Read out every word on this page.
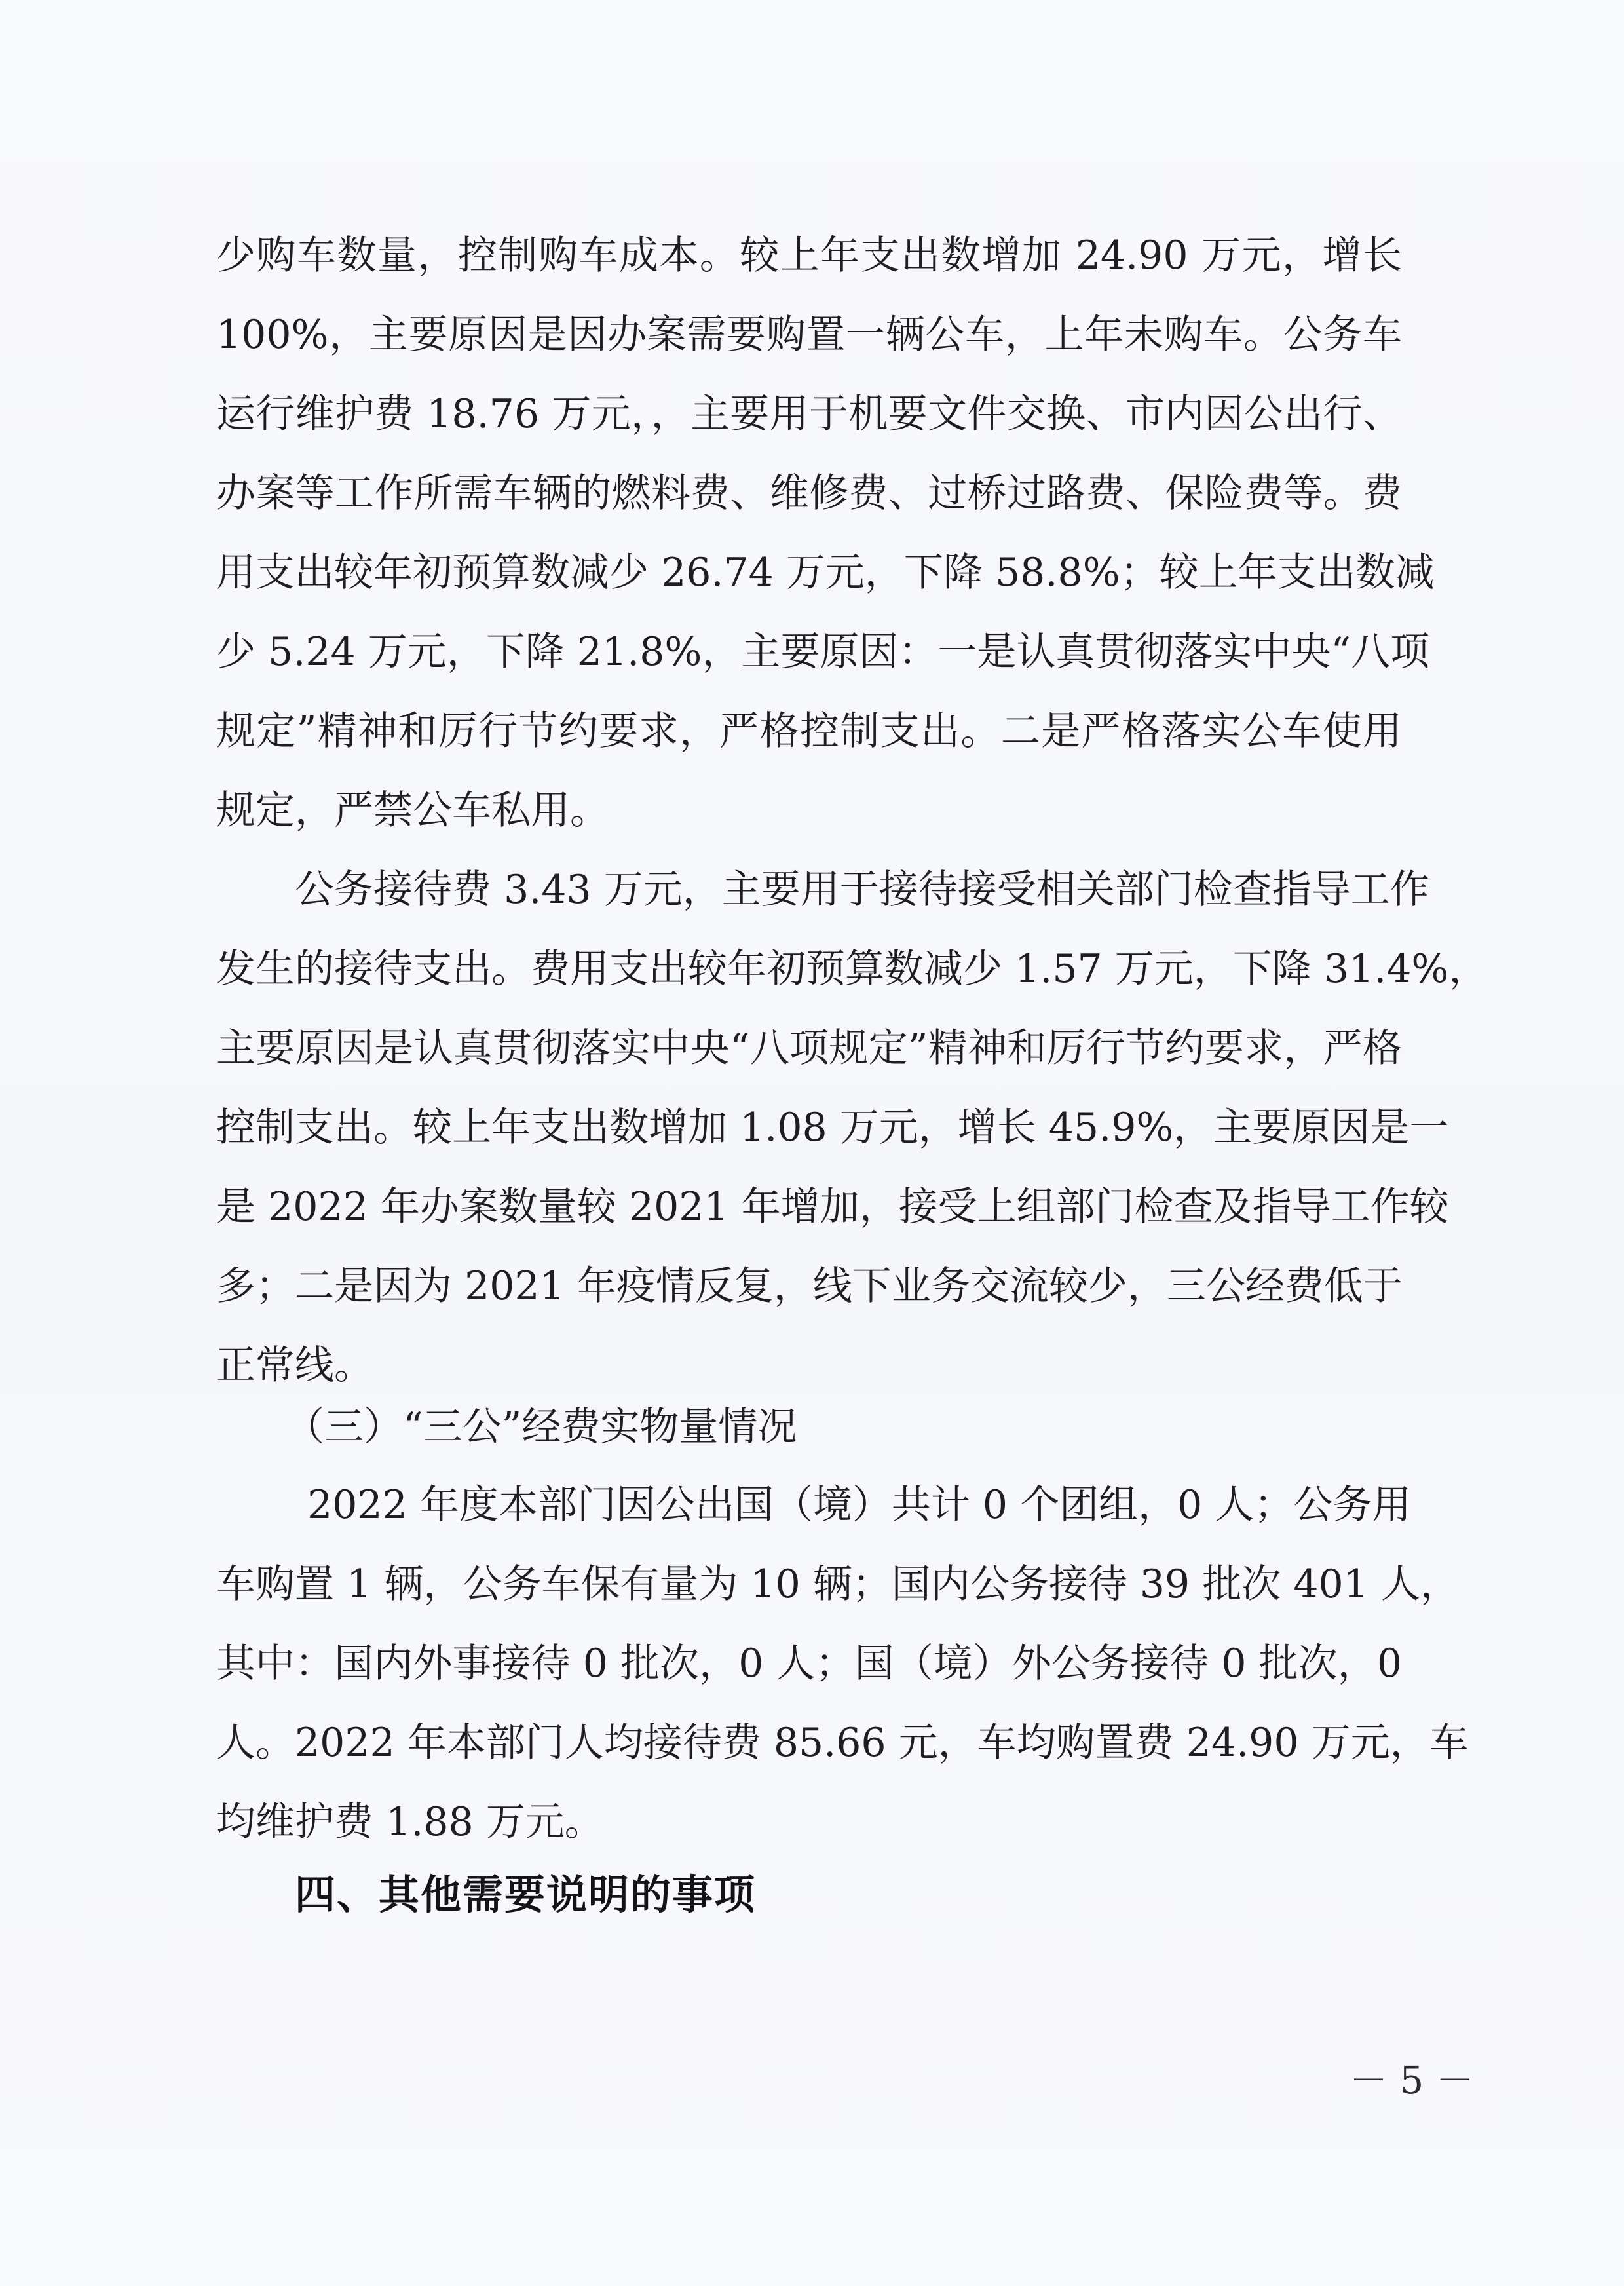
少购车数量，控制购车成本。较上年支出数增加 24.90 万元，增长
100%，主要原因是因办案需要购置一辆公车，上年未购车。公务车
运行维护费 18.76 万元，，主要用于机要文件交换、市内因公出行、
办案等工作所需车辆的燃料费、维修费、过桥过路费、保险费等。费
用支出较年初预算数减少 26.74 万元，下降 58.8%；较上年支出数减
少 5.24 万元，下降 21.8%，主要原因：一是认真贯彻落实中央“八项
规定”精神和厉行节约要求，严格控制支出。二是严格落实公车使用
规定，严禁公车私用。
　　公务接待费 3.43 万元，主要用于接待接受相关部门检查指导工作
发生的接待支出。费用支出较年初预算数减少 1.57 万元，下降 31.4%，
主要原因是认真贯彻落实中央“八项规定”精神和厉行节约要求，严格
控制支出。较上年支出数增加 1.08 万元，增长 45.9%，主要原因是一
是 2022 年办案数量较 2021 年增加，接受上组部门检查及指导工作较
多；二是因为 2021 年疫情反复，线下业务交流较少，三公经费低于
正常线。
（三）“三公”经费实物量情况
　　 2022 年度本部门因公出国（境）共计 0 个团组，0 人；公务用
车购置 1 辆，公务车保有量为 10 辆；国内公务接待 39 批次 401 人，
其中：国内外事接待 0 批次，0 人；国（境）外公务接待 0 批次，0
人。2022 年本部门人均接待费 85.66 元，车均购置费 24.90 万元，车
均维护费 1.88 万元。
四、其他需要说明的事项
－ 5 －
